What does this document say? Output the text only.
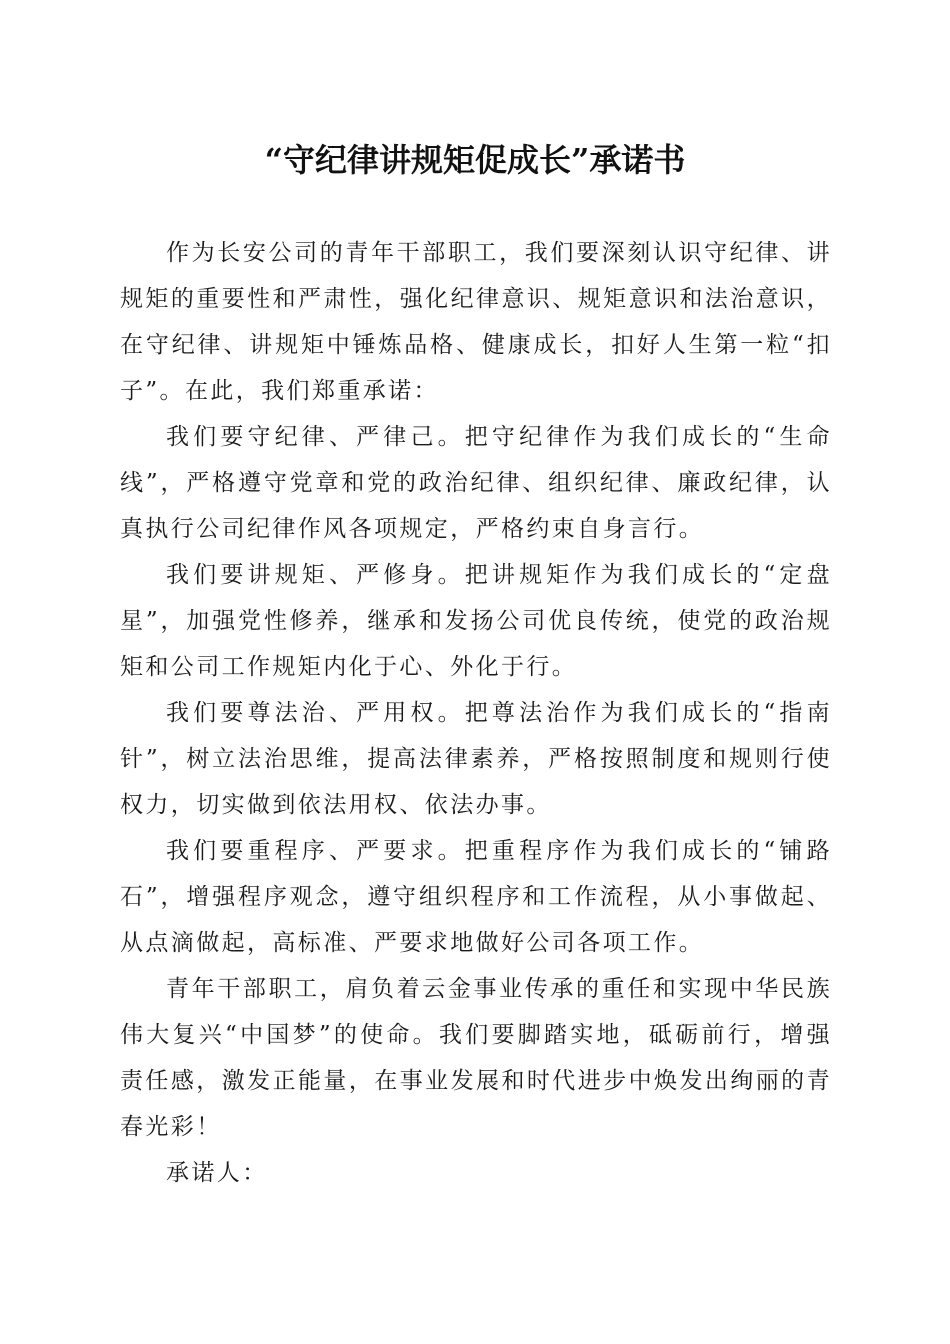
“守纪律讲规矩促成长”承诺书

作为长安公司的青年干部职工，我们要深刻认识守纪律、讲规矩的重要性和严肃性，强化纪律意识、规矩意识和法治意识，在守纪律、讲规矩中锤炼品格、健康成长，扣好人生第一粒“扣子”。在此，我们郑重承诺：

我们要守纪律、严律己。把守纪律作为我们成长的“生命线”，严格遵守党章和党的政治纪律、组织纪律、廉政纪律，认真执行公司纪律作风各项规定，严格约束自身言行。

我们要讲规矩、严修身。把讲规矩作为我们成长的“定盘星”，加强党性修养，继承和发扬公司优良传统，使党的政治规矩和公司工作规矩内化于心、外化于行。

我们要尊法治、严用权。把尊法治作为我们成长的“指南针”，树立法治思维，提高法律素养，严格按照制度和规则行使权力，切实做到依法用权、依法办事。

我们要重程序、严要求。把重程序作为我们成长的“铺路石”，增强程序观念，遵守组织程序和工作流程，从小事做起、从点滴做起，高标准、严要求地做好公司各项工作。

青年干部职工，肩负着云金事业传承的重任和实现中华民族伟大复兴“中国梦”的使命。我们要脚踏实地，砥砺前行，增强责任感，激发正能量，在事业发展和时代进步中焕发出绚丽的青春光彩！

承诺人：
